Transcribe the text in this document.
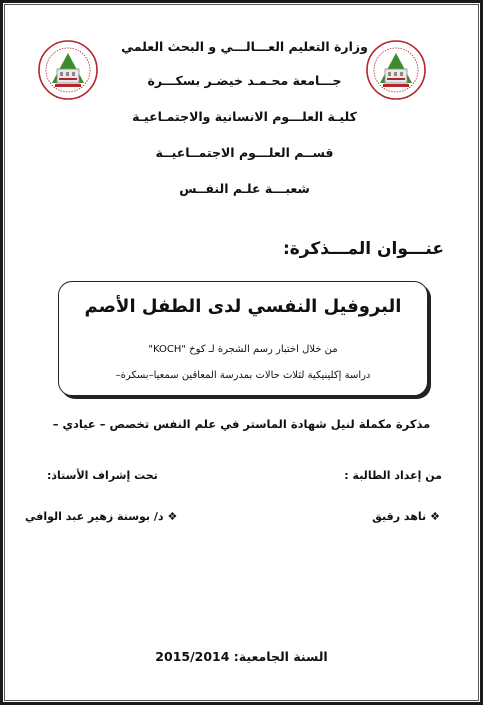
وزارة التعليم العـــالـــي و البحث العلمي
جـــامعة محـمـد خيضـر بسكـــرة
كليـة العلـــوم الانسانية والاجتمـاعيـة
قســم العلـــوم الاجتمــاعيــة
شعبـــة علـم النفــس
عنـــوان المـــذكرة:
البروفيل النفسي لدى الطفل الأصم
من خلال اختبار رسم الشجرة لـ كوخ "KOCH"
دراسة إكلينيكية لثلاث حالات بمدرسة المعاقين سمعيا–بسكرة–
مذكرة مكملة لنيل شهادة الماستر في علم النفس تخصص – عيادي –
من إعداد الطالبة :
تحت إشراف الأستاذ:
❖ناهد رقيق
❖د/ بوسنة زهير عبد الوافي
السنة الجامعية: 2015/2014
